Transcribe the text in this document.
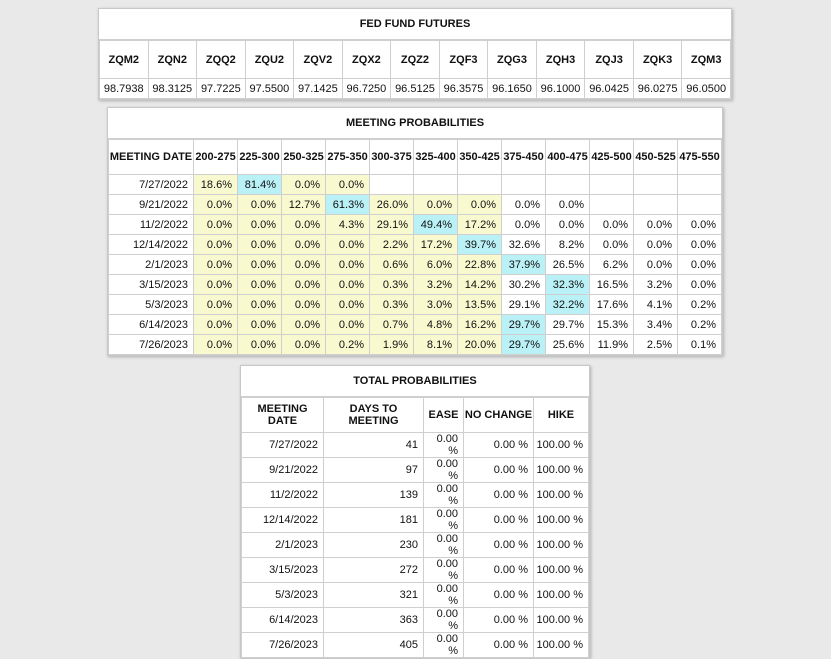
FED FUND FUTURES
ZQM2	ZQN2	ZQQ2	ZQU2	ZQV2	ZQX2	ZQZ2	ZQF3	ZQG3	ZQH3	ZQJ3	ZQK3	ZQM3
98.7938	98.3125	97.7225	97.5500	97.1425	96.7250	96.5125	96.3575	96.1650	96.1000	96.0425	96.0275	96.0500
MEETING PROBABILITIES
MEETING DATE	200-275	225-300	250-325	275-350	300-375	325-400	350-425	375-450	400-475	425-500	450-525	475-550
7/27/2022	18.6%	81.4%	0.0%	0.0%								
9/21/2022	0.0%	0.0%	12.7%	61.3%	26.0%	0.0%	0.0%	0.0%	0.0%			
11/2/2022	0.0%	0.0%	0.0%	4.3%	29.1%	49.4%	17.2%	0.0%	0.0%	0.0%	0.0%	0.0%
12/14/2022	0.0%	0.0%	0.0%	0.0%	2.2%	17.2%	39.7%	32.6%	8.2%	0.0%	0.0%	0.0%
2/1/2023	0.0%	0.0%	0.0%	0.0%	0.6%	6.0%	22.8%	37.9%	26.5%	6.2%	0.0%	0.0%
3/15/2023	0.0%	0.0%	0.0%	0.0%	0.3%	3.2%	14.2%	30.2%	32.3%	16.5%	3.2%	0.0%
5/3/2023	0.0%	0.0%	0.0%	0.0%	0.3%	3.0%	13.5%	29.1%	32.2%	17.6%	4.1%	0.2%
6/14/2023	0.0%	0.0%	0.0%	0.0%	0.7%	4.8%	16.2%	29.7%	29.7%	15.3%	3.4%	0.2%
7/26/2023	0.0%	0.0%	0.0%	0.2%	1.9%	8.1%	20.0%	29.7%	25.6%	11.9%	2.5%	0.1%
TOTAL PROBABILITIES
MEETING DATE	DAYS TO MEETING	EASE	NO CHANGE	HIKE
7/27/2022	41	0.00 %	0.00 %	100.00 %
9/21/2022	97	0.00 %	0.00 %	100.00 %
11/2/2022	139	0.00 %	0.00 %	100.00 %
12/14/2022	181	0.00 %	0.00 %	100.00 %
2/1/2023	230	0.00 %	0.00 %	100.00 %
3/15/2023	272	0.00 %	0.00 %	100.00 %
5/3/2023	321	0.00 %	0.00 %	100.00 %
6/14/2023	363	0.00 %	0.00 %	100.00 %
7/26/2023	405	0.00 %	0.00 %	100.00 %
